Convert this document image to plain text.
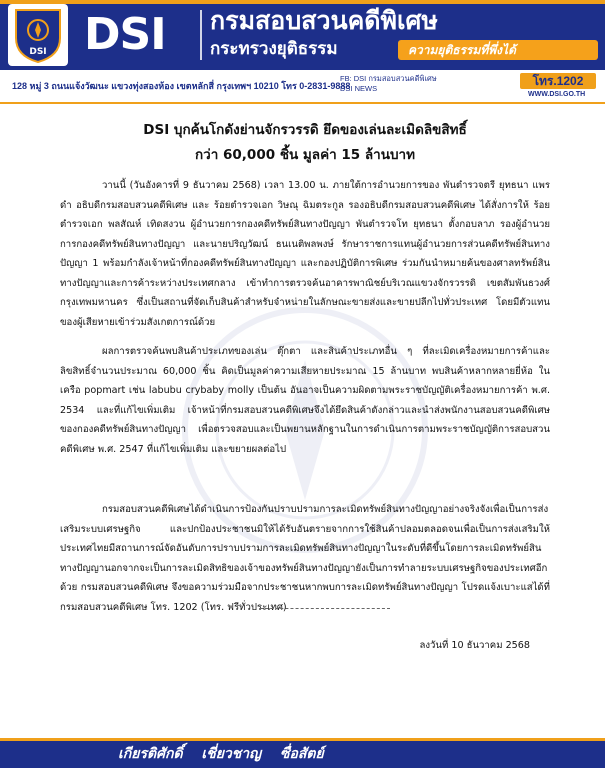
DSI DSI กรมสอบสวนคดีพิเศษ
กระทรวงยุติธรรม	ความยุติธรรมที่พึ่งได้
128 หมู่ 3 ถนนแจ้งวัฒนะ แขวงทุ่งสองห้อง เขตหลักสี่ กรุงเทพฯ 10210 โทร 0-2831-9888
FB: DSI กรมสอบสวนคดีพิเศษ
DSI NEWS
โทร.1202
WWW.DSI.GO.TH
DSI บุกค้นโกดังย่านจักรวรรดิ ยึดของเล่นละเมิดลิขสิทธิ์
กว่า 60,000 ชิ้น มูลค่า 15 ล้านบาท
วานนี้ (วันอังคารที่ 9 ธันวาคม 2568) เวลา 13.00 น. ภายใต้การอำนวยการของ พันตำรวจตรี ยุทธนา แพรดำ อธิบดีกรมสอบสวนคดีพิเศษ และ ร้อยตำรวจเอก วิษณุ ฉิมตระกูล รองอธิบดีกรมสอบสวนคดีพิเศษ ได้สั่งการให้ ร้อยตำรวจเอก พลสัณห์ เทิดสงวน ผู้อำนวยการกองคดีทรัพย์สินทางปัญญา พันตำรวจโท ยุทธนา ตั้งกอบลาภ รองผู้อำนวยการกองคดีทรัพย์สินทางปัญญา และนายปริญวัฒน์ ธนเนติพลพงษ์ รักษาราชการแทนผู้อำนวยการส่วนคดีทรัพย์สินทางปัญญา 1 พร้อมกำลังเจ้าหน้าที่กองคดีทรัพย์สินทางปัญญา และกองปฏิบัติการพิเศษ ร่วมกันนำหมายค้นของศาลทรัพย์สินทางปัญญาและการค้าระหว่างประเทศกลาง เข้าทำการตรวจค้นอาคารพาณิชย์บริเวณแขวงจักรวรรดิ เขตสัมพันธวงศ์ กรุงเทพมหานคร ซึ่งเป็นสถานที่จัดเก็บสินค้าสำหรับจำหน่ายในลักษณะขายส่งและขายปลีกไปทั่วประเทศ โดยมีตัวแทนของผู้เสียหายเข้าร่วมสังเกตการณ์ด้วย
ผลการตรวจค้นพบสินค้าประเภทของเล่น ตุ๊กตา และสินค้าประเภทอื่น ๆ ที่ละเมิดเครื่องหมายการค้าและลิขสิทธิ์จำนวนประมาณ 60,000 ชิ้น คิดเป็นมูลค่าความเสียหายประมาณ 15 ล้านบาท พบสินค้าหลากหลายยี่ห้อ ในเครือ popmart เช่น labubu crybaby molly เป็นต้น อันอาจเป็นความผิดตามพระราชบัญญัติเครื่องหมายการค้า พ.ศ. 2534 และที่แก้ไขเพิ่มเติม เจ้าหน้าที่กรมสอบสวนคดีพิเศษจึงได้ยึดสินค้าดังกล่าวและนำส่งพนักงานสอบสวนคดีพิเศษของกองคดีทรัพย์สินทางปัญญา เพื่อตรวจสอบและเป็นพยานหลักฐานในการดำเนินการตามพระราชบัญญัติการสอบสวนคดีพิเศษ พ.ศ. 2547 ที่แก้ไขเพิ่มเติม และขยายผลต่อไป
กรมสอบสวนคดีพิเศษได้ดำเนินการป้องกันปราบปรามการละเมิดทรัพย์สินทางปัญญาอย่างจริงจังเพื่อเป็นการส่งเสริมระบบเศรษฐกิจ และปกป้องประชาชนมิให้ได้รับอันตรายจากการใช้สินค้าปลอมตลอดจนเพื่อเป็นการส่งเสริมให้ประเทศไทยมีสถานการณ์จัดอันดับการปราบปรามการละเมิดทรัพย์สินทางปัญญาในระดับที่ดีขึ้นโดยการละเมิดทรัพย์สินทางปัญญานอกจากจะเป็นการละเมิดสิทธิของเจ้าของทรัพย์สินทางปัญญายังเป็นการทำลายระบบเศรษฐกิจของประเทศอีกด้วย กรมสอบสวนคดีพิเศษ จึงขอความร่วมมือจากประชาชนหากพบการละเมิดทรัพย์สินทางปัญญา โปรดแจ้งเบาะแสได้ที่กรมสอบสวนคดีพิเศษ โทร. 1202 (โทร. ฟรีทั่วประเทศ)
ลงวันที่ 10 ธันวาคม 2568
เกียรติศักดิ์ เชี่ยวชาญ ซื่อสัตย์
